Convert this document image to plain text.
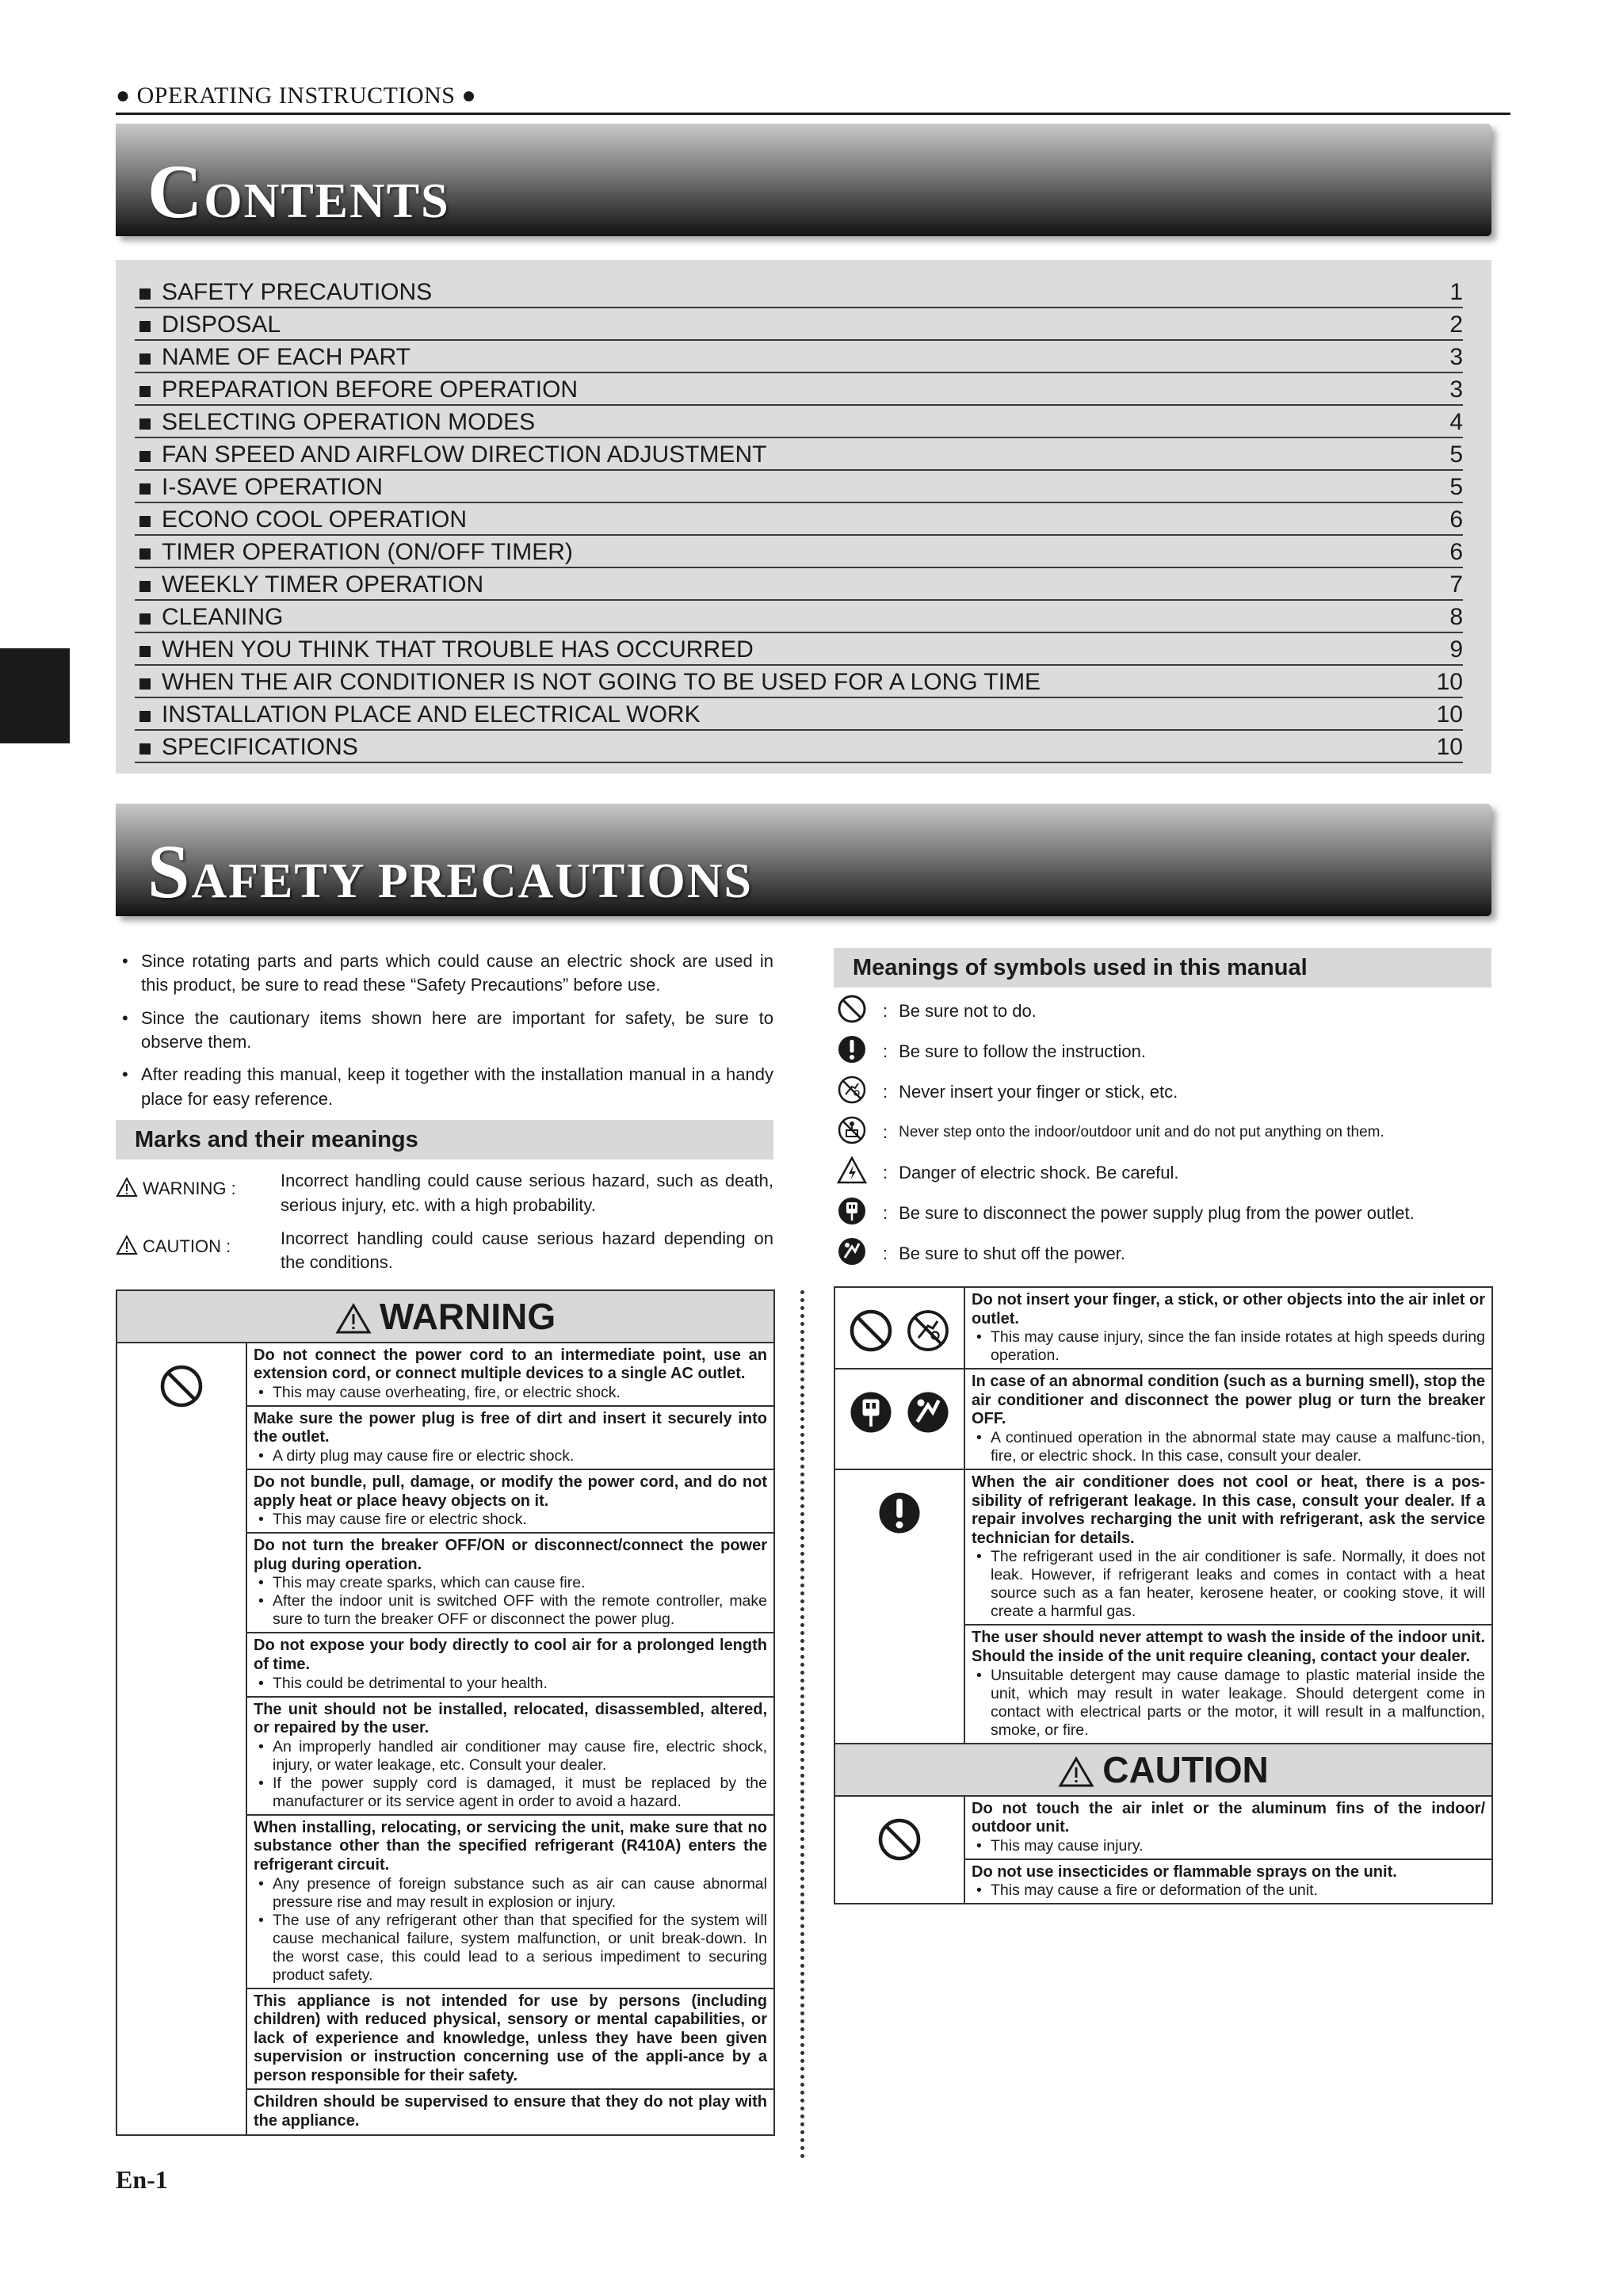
● OPERATING INSTRUCTIONS ●
CONTENTS
SAFETY PRECAUTIONS	1
DISPOSAL	2
NAME OF EACH PART	3
PREPARATION BEFORE OPERATION	3
SELECTING OPERATION MODES	4
FAN SPEED AND AIRFLOW DIRECTION ADJUSTMENT	5
I-SAVE OPERATION	5
ECONO COOL OPERATION	6
TIMER OPERATION (ON/OFF TIMER)	6
WEEKLY TIMER OPERATION	7
CLEANING	8
WHEN YOU THINK THAT TROUBLE HAS OCCURRED	9
WHEN THE AIR CONDITIONER IS NOT GOING TO BE USED FOR A LONG TIME	10
INSTALLATION PLACE AND ELECTRICAL WORK	10
SPECIFICATIONS	10
SAFETY PRECAUTIONS
• Since rotating parts and parts which could cause an electric shock are used in this product, be sure to read these “Safety Precautions” before use.
• Since the cautionary items shown here are important for safety, be sure to observe them.
• After reading this manual, keep it together with the installation manual in a handy place for easy reference.
Marks and their meanings
WARNING :	Incorrect handling could cause serious hazard, such as death, serious injury, etc. with a high probability.
CAUTION :	Incorrect handling could cause serious hazard depending on the conditions.
WARNING

Do not connect the power cord to an intermediate point, use an extension cord, or connect multiple devices to a single AC outlet.
• This may cause overheating, fire, or electric shock.

Make sure the power plug is free of dirt and insert it securely into the outlet.
• A dirty plug may cause fire or electric shock.

Do not bundle, pull, damage, or modify the power cord, and do not apply heat or place heavy objects on it.
• This may cause fire or electric shock.

Do not turn the breaker OFF/ON or disconnect/connect the power plug during operation.
• This may create sparks, which can cause fire.
• After the indoor unit is switched OFF with the remote controller, make sure to turn the breaker OFF or disconnect the power plug.

Do not expose your body directly to cool air for a prolonged length of time.
• This could be detrimental to your health.

The unit should not be installed, relocated, disassembled, altered, or repaired by the user.
• An improperly handled air conditioner may cause fire, electric shock, injury, or water leakage, etc. Consult your dealer.
• If the power supply cord is damaged, it must be replaced by the manufacturer or its service agent in order to avoid a hazard.

When installing, relocating, or servicing the unit, make sure that no substance other than the specified refrigerant (R410A) enters the refrigerant circuit.
• Any presence of foreign substance such as air can cause abnormal pressure rise and may result in explosion or injury.
• The use of any refrigerant other than that specified for the system will cause mechanical failure, system malfunction, or unit break-down. In the worst case, this could lead to a serious impediment to securing product safety.

This appliance is not intended for use by persons (including children) with reduced physical, sensory or mental capabilities, or lack of experience and knowledge, unless they have been given supervision or instruction concerning use of the appli-ance by a person responsible for their safety.

Children should be supervised to ensure that they do not play with the appliance.
Meanings of symbols used in this manual
: Be sure not to do.
: Be sure to follow the instruction.
: Never insert your finger or stick, etc.
: Never step onto the indoor/outdoor unit and do not put anything on them.
: Danger of electric shock. Be careful.
: Be sure to disconnect the power supply plug from the power outlet.
: Be sure to shut off the power.

Do not insert your finger, a stick, or other objects into the air inlet or outlet.
• This may cause injury, since the fan inside rotates at high speeds during operation.

In case of an abnormal condition (such as a burning smell), stop the air conditioner and disconnect the power plug or turn the breaker OFF.
• A continued operation in the abnormal state may cause a malfunc-tion, fire, or electric shock. In this case, consult your dealer.

When the air conditioner does not cool or heat, there is a pos-sibility of refrigerant leakage. In this case, consult your dealer. If a repair involves recharging the unit with refrigerant, ask the service technician for details.
• The refrigerant used in the air conditioner is safe. Normally, it does not leak. However, if refrigerant leaks and comes in contact with a heat source such as a fan heater, kerosene heater, or cooking stove, it will create a harmful gas.

	The user should never attempt to wash the inside of the indoor unit. Should the inside of the unit require cleaning, contact your dealer.
• Unsuitable detergent may cause damage to plastic material inside the unit, which may result in water leakage. Should detergent come in contact with electrical parts or the motor, it will result in a malfunction, smoke, or fire.

CAUTION	

Do not touch the air inlet or the aluminum fins of the indoor/ outdoor unit.
• This may cause injury.

	Do not use insecticides or flammable sprays on the unit.
• This may cause a fire or deformation of the unit.
En-1
